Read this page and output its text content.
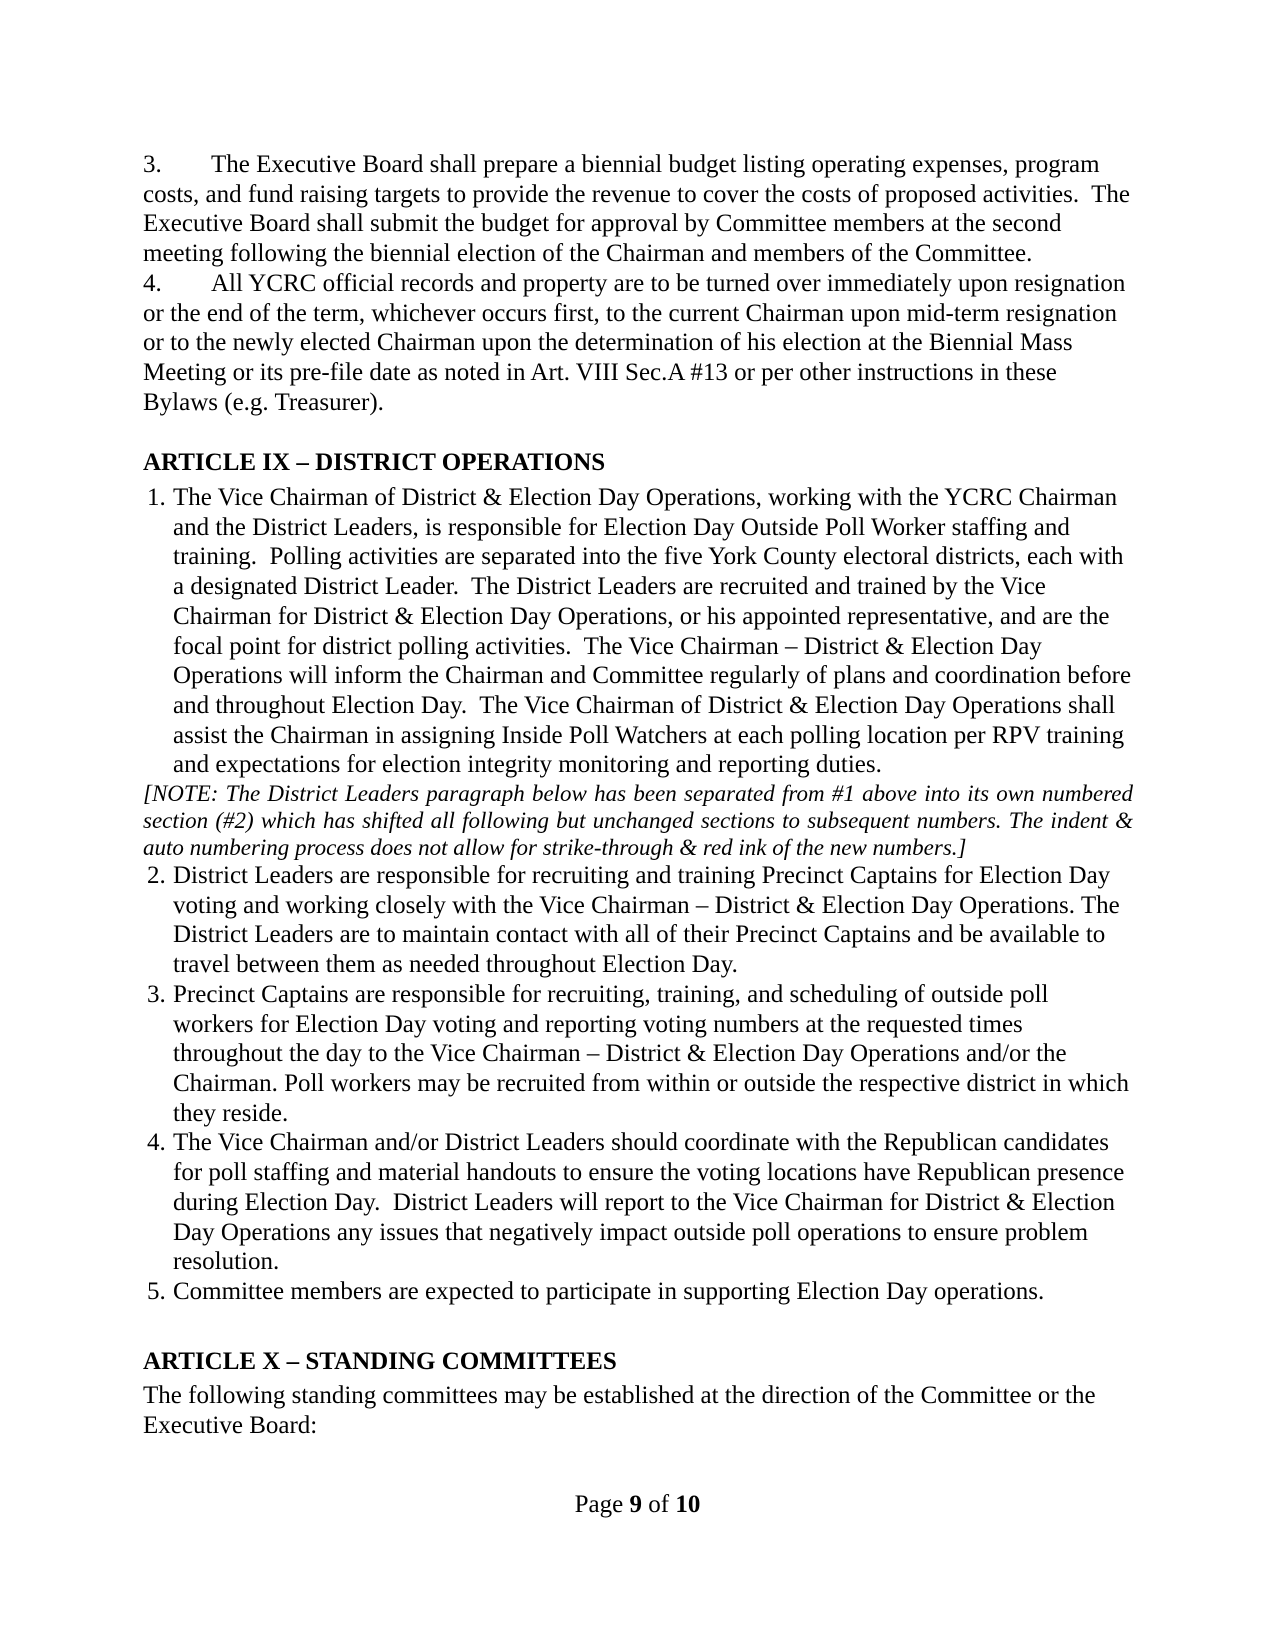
3. The Executive Board shall prepare a biennial budget listing operating expenses, program costs, and fund raising targets to provide the revenue to cover the costs of proposed activities.  The Executive Board shall submit the budget for approval by Committee members at the second meeting following the biennial election of the Chairman and members of the Committee.

4. All YCRC official records and property are to be turned over immediately upon resignation or the end of the term, whichever occurs first, to the current Chairman upon mid-term resignation or to the newly elected Chairman upon the determination of his election at the Biennial Mass Meeting or its pre-file date as noted in Art. VIII Sec.A #13 or per other instructions in these Bylaws (e.g. Treasurer).

ARTICLE IX – DISTRICT OPERATIONS
1. The Vice Chairman of District & Election Day Operations, working with the YCRC Chairman and the District Leaders, is responsible for Election Day Outside Poll Worker staffing and training.  Polling activities are separated into the five York County electoral districts, each with a designated District Leader.  The District Leaders are recruited and trained by the Vice Chairman for District & Election Day Operations, or his appointed representative, and are the focal point for district polling activities.  The Vice Chairman – District & Election Day Operations will inform the Chairman and Committee regularly of plans and coordination before and throughout Election Day.  The Vice Chairman of District & Election Day Operations shall assist the Chairman in assigning Inside Poll Watchers at each polling location per RPV training and expectations for election integrity monitoring and reporting duties.

[NOTE: The District Leaders paragraph below has been separated from #1 above into its own numbered section (#2) which has shifted all following but unchanged sections to subsequent numbers. The indent & auto numbering process does not allow for strike-through & red ink of the new numbers.]

2. District Leaders are responsible for recruiting and training Precinct Captains for Election Day voting and working closely with the Vice Chairman – District & Election Day Operations. The District Leaders are to maintain contact with all of their Precinct Captains and be available to travel between them as needed throughout Election Day.
3. Precinct Captains are responsible for recruiting, training, and scheduling of outside poll workers for Election Day voting and reporting voting numbers at the requested times throughout the day to the Vice Chairman – District & Election Day Operations and/or the Chairman. Poll workers may be recruited from within or outside the respective district in which they reside.
4. The Vice Chairman and/or District Leaders should coordinate with the Republican candidates for poll staffing and material handouts to ensure the voting locations have Republican presence during Election Day.  District Leaders will report to the Vice Chairman for District & Election Day Operations any issues that negatively impact outside poll operations to ensure problem resolution.
5. Committee members are expected to participate in supporting Election Day operations.
ARTICLE X – STANDING COMMITTEES

The following standing committees may be established at the direction of the Committee or the Executive Board:

Page 9 of 10
